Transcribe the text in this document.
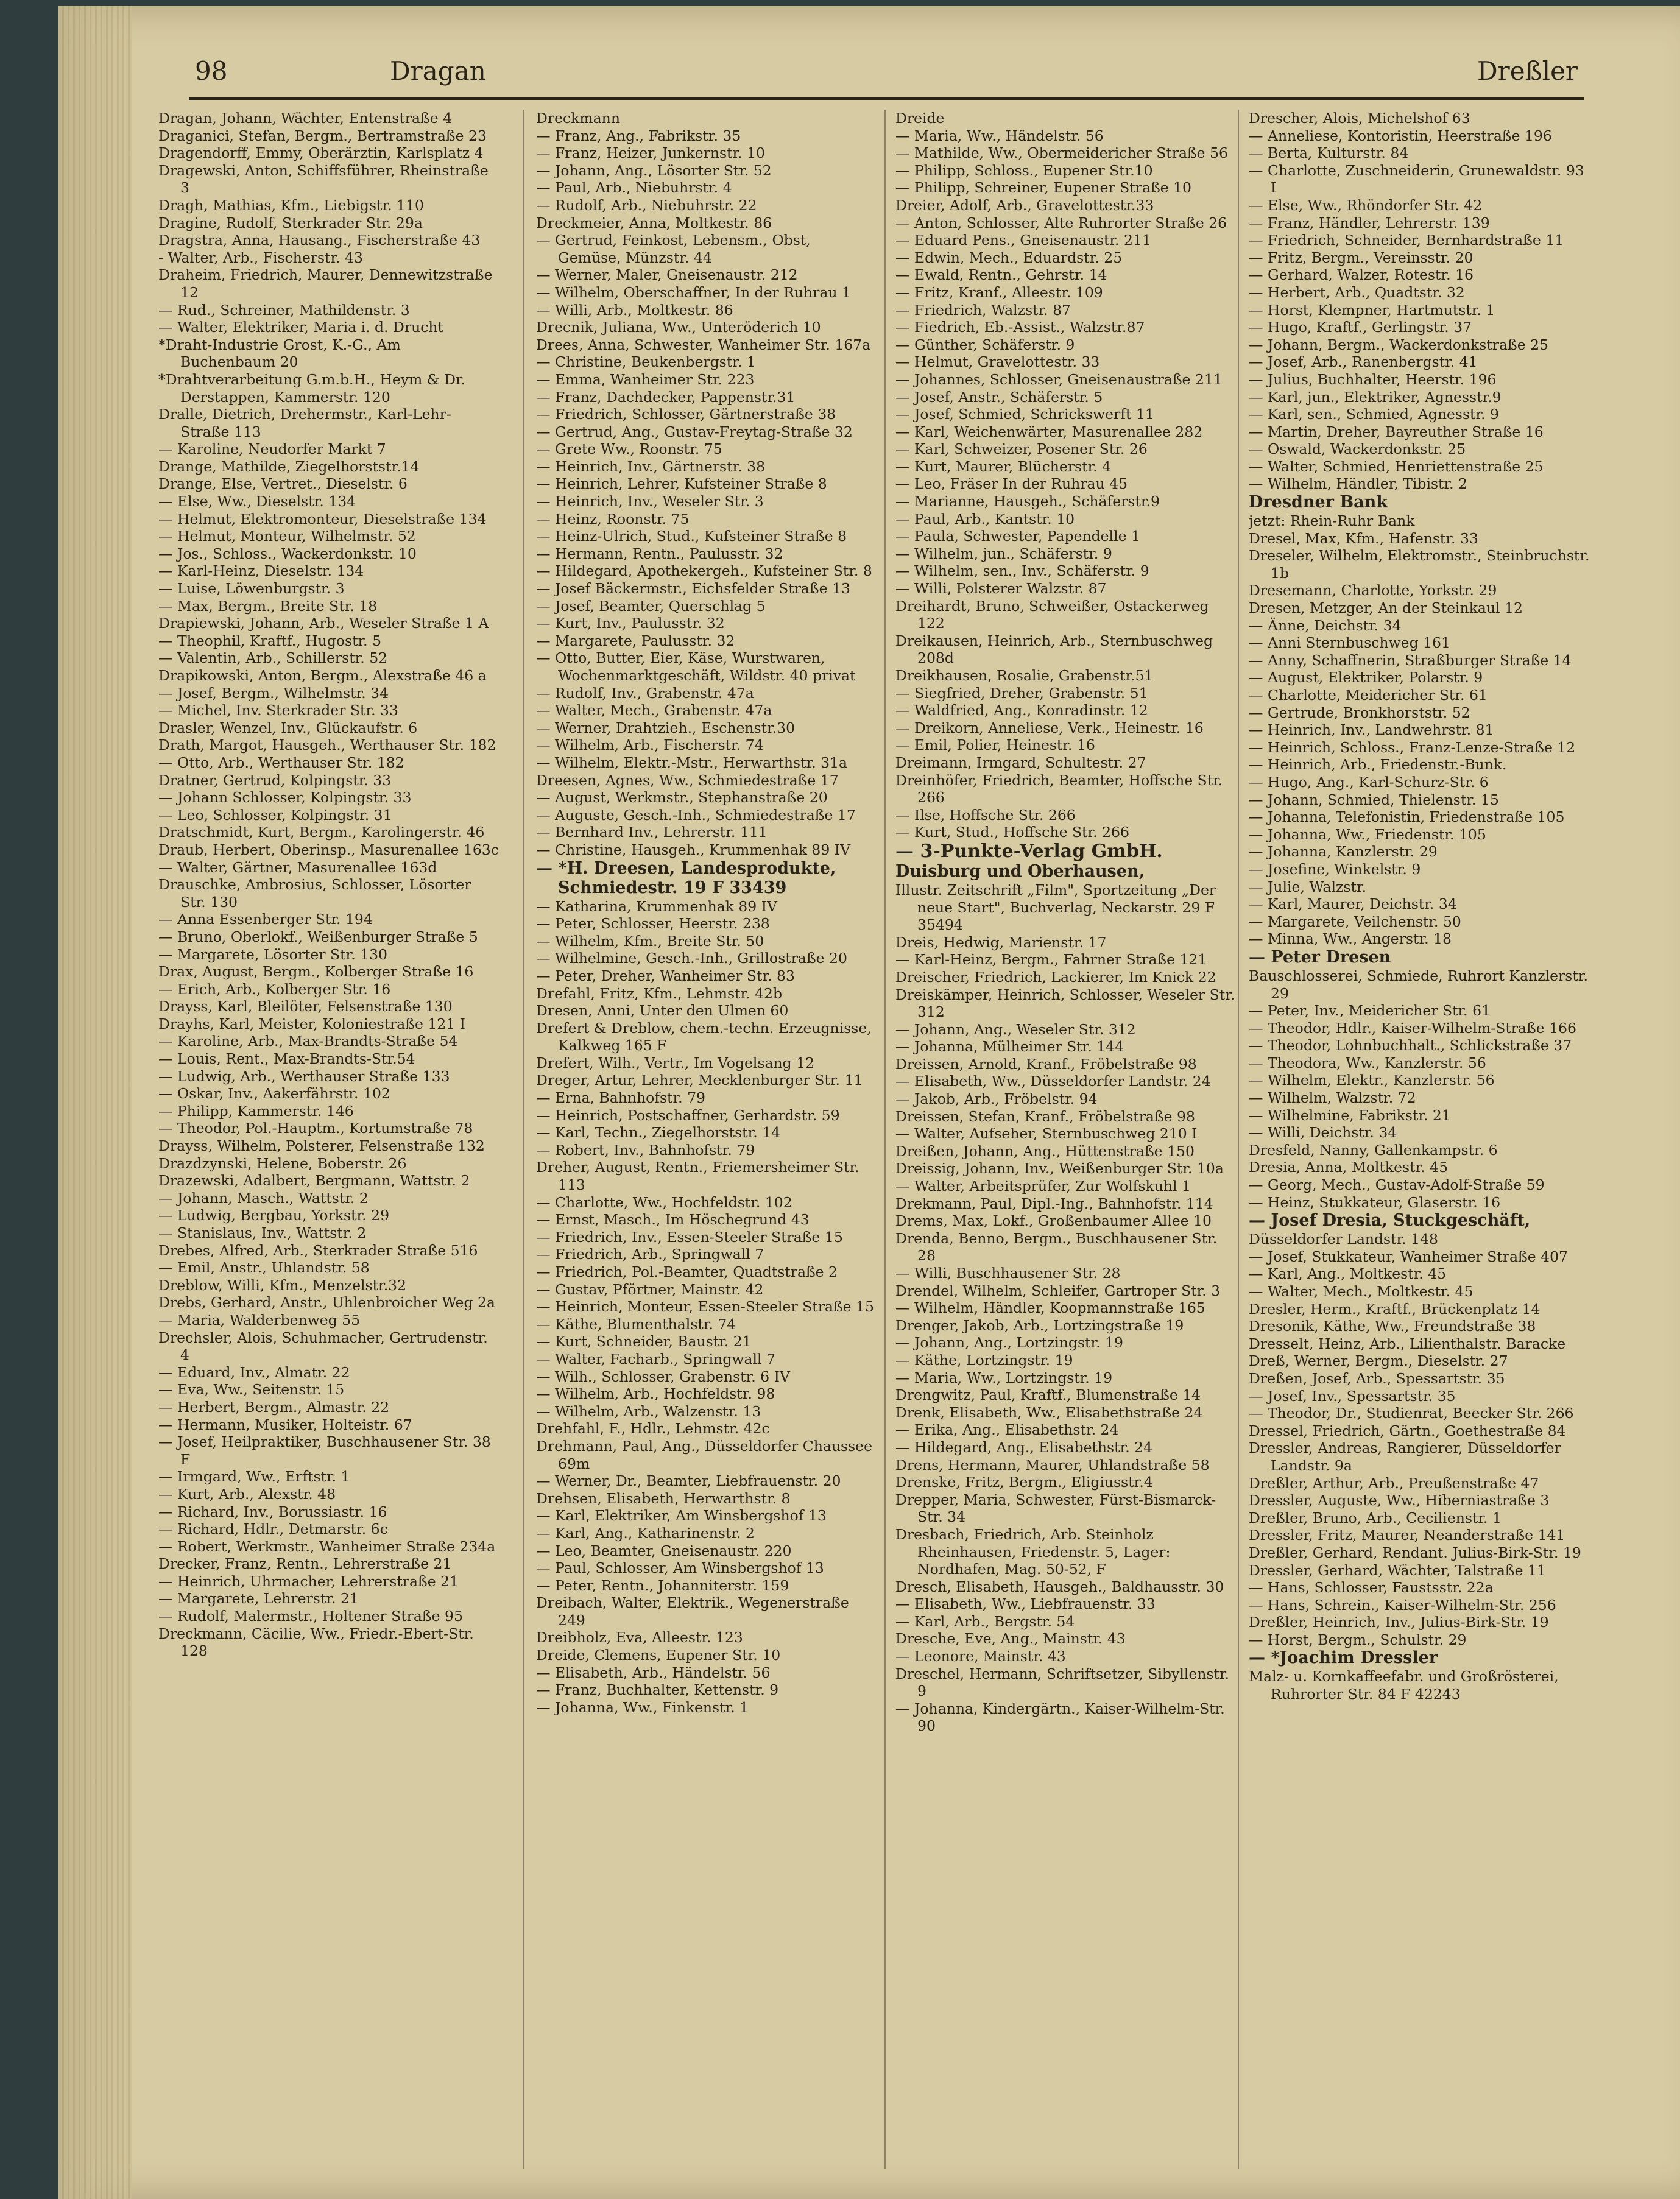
98	Dragan	Dreßler

Dragan, Johann, Wächter, Entenstraße 4

Draganici, Stefan, Bergm., Bertramstraße 23

Dragendorff, Emmy, Oberärztin, Karlsplatz 4

Dragewski, Anton, Schiffsführer, Rheinstraße 3

Dragh, Mathias, Kfm., Liebigstr. 110

Dragine, Rudolf, Sterkrader Str. 29a

Dragstra, Anna, Hausang., Fischerstraße 43

- Walter, Arb., Fischerstr. 43

Draheim, Friedrich, Maurer, Dennewitzstraße 12

— Rud., Schreiner, Mathildenstr. 3

— Walter, Elektriker, Maria i. d. Drucht

*Draht-Industrie Grost, K.-G., Am Buchenbaum 20

*Drahtverarbeitung G.m.b.H., Heym & Dr. Derstappen, Kammerstr. 120

Dralle, Dietrich, Drehermstr., Karl-Lehr-Straße 113

— Karoline, Neudorfer Markt 7

Drange, Mathilde, Ziegelhorststr.14

Drange, Else, Vertret., Dieselstr. 6

— Else, Ww., Dieselstr. 134

— Helmut, Elektromonteur, Dieselstraße 134

— Helmut, Monteur, Wilhelmstr. 52

— Jos., Schloss., Wackerdonkstr. 10

— Karl-Heinz, Dieselstr. 134

— Luise, Löwenburgstr. 3

— Max, Bergm., Breite Str. 18

Drapiewski, Johann, Arb., Weseler Straße 1 A

— Theophil, Kraftf., Hugostr. 5

— Valentin, Arb., Schillerstr. 52

Drapikowski, Anton, Bergm., Alexstraße 46 a

— Josef, Bergm., Wilhelmstr. 34

— Michel, Inv. Sterkrader Str. 33

Drasler, Wenzel, Inv., Glückaufstr. 6

Drath, Margot, Hausgeh., Werthauser Str. 182

— Otto, Arb., Werthauser Str. 182

Dratner, Gertrud, Kolpingstr. 33

— Johann Schlosser, Kolpingstr. 33

— Leo, Schlosser, Kolpingstr. 31

Dratschmidt, Kurt, Bergm., Karolingerstr. 46

Draub, Herbert, Oberinsp., Masurenallee 163c

— Walter, Gärtner, Masurenallee 163d

Drauschke, Ambrosius, Schlosser, Lösorter Str. 130

— Anna Essenberger Str. 194

— Bruno, Oberlokf., Weißenburger Straße 5

— Margarete, Lösorter Str. 130

Drax, August, Bergm., Kolberger Straße 16

— Erich, Arb., Kolberger Str. 16

Drayss, Karl, Bleilöter, Felsenstraße 130

Drayhs, Karl, Meister, Koloniestraße 121 I

— Karoline, Arb., Max-Brandts-Straße 54

— Louis, Rent., Max-Brandts-Str.54

— Ludwig, Arb., Werthauser Straße 133

— Oskar, Inv., Aakerfährstr. 102

— Philipp, Kammerstr. 146

— Theodor, Pol.-Hauptm., Kortumstraße 78

Drayss, Wilhelm, Polsterer, Felsenstraße 132

Drazdzynski, Helene, Boberstr. 26

Drazewski, Adalbert, Bergmann, Wattstr. 2

— Johann, Masch., Wattstr. 2

— Ludwig, Bergbau, Yorkstr. 29

— Stanislaus, Inv., Wattstr. 2

Drebes, Alfred, Arb., Sterkrader Straße 516

— Emil, Anstr., Uhlandstr. 58

Dreblow, Willi, Kfm., Menzelstr.32

Drebs, Gerhard, Anstr., Uhlenbroicher Weg 2a

— Maria, Walderbenweg 55

Drechsler, Alois, Schuhmacher, Gertrudenstr. 4

— Eduard, Inv., Almatr. 22

— Eva, Ww., Seitenstr. 15

— Herbert, Bergm., Almastr. 22

— Hermann, Musiker, Holteistr. 67

— Josef, Heilpraktiker, Buschhausener Str. 38 F

— Irmgard, Ww., Erftstr. 1

— Kurt, Arb., Alexstr. 48

— Richard, Inv., Borussiastr. 16

— Richard, Hdlr., Detmarstr. 6c

— Robert, Werkmstr., Wanheimer Straße 234a

Drecker, Franz, Rentn., Lehrerstraße 21

— Heinrich, Uhrmacher, Lehrerstraße 21

— Margarete, Lehrerstr. 21

— Rudolf, Malermstr., Holtener Straße 95

Dreckmann, Cäcilie, Ww., Friedr.-Ebert-Str. 128

Dreckmann

— Franz, Ang., Fabrikstr. 35

— Franz, Heizer, Junkernstr. 10

— Johann, Ang., Lösorter Str. 52

— Paul, Arb., Niebuhrstr. 4

— Rudolf, Arb., Niebuhrstr. 22

Dreckmeier, Anna, Moltkestr. 86

— Gertrud, Feinkost, Lebensm., Obst, Gemüse, Münzstr. 44

— Werner, Maler, Gneisenaustr. 212

— Wilhelm, Oberschaffner, In der Ruhrau 1

— Willi, Arb., Moltkestr. 86

Drecnik, Juliana, Ww., Unteröderich 10

Drees, Anna, Schwester, Wanheimer Str. 167a

— Christine, Beukenbergstr. 1

— Emma, Wanheimer Str. 223

— Franz, Dachdecker, Pappenstr.31

— Friedrich, Schlosser, Gärtnerstraße 38

— Gertrud, Ang., Gustav-Freytag-Straße 32

— Grete Ww., Roonstr. 75

— Heinrich, Inv., Gärtnerstr. 38

— Heinrich, Lehrer, Kufsteiner Straße 8

— Heinrich, Inv., Weseler Str. 3

— Heinz, Roonstr. 75

— Heinz-Ulrich, Stud., Kufsteiner Straße 8

— Hermann, Rentn., Paulusstr. 32

— Hildegard, Apothekergeh., Kufsteiner Str. 8

— Josef Bäckermstr., Eichsfelder Straße 13

— Josef, Beamter, Querschlag 5

— Kurt, Inv., Paulusstr. 32

— Margarete, Paulusstr. 32

— Otto, Butter, Eier, Käse, Wurstwaren, Wochenmarktgeschäft, Wildstr. 40 privat

— Rudolf, Inv., Grabenstr. 47a

— Walter, Mech., Grabenstr. 47a

— Werner, Drahtzieh., Eschenstr.30

— Wilhelm, Arb., Fischerstr. 74

— Wilhelm, Elektr.-Mstr., Herwarthstr. 31a

Dreesen, Agnes, Ww., Schmiedestraße 17

— August, Werkmstr., Stephanstraße 20

— Auguste, Gesch.-Inh., Schmiedestraße 17

— Bernhard Inv., Lehrerstr. 111

— Christine, Hausgeh., Krummenhak 89 IV

— *H. Dreesen, Landesprodukte, Schmiedestr. 19 F 33439

— Katharina, Krummenhak 89 IV

— Peter, Schlosser, Heerstr. 238

— Wilhelm, Kfm., Breite Str. 50

— Wilhelmine, Gesch.-Inh., Grillostraße 20

— Peter, Dreher, Wanheimer Str. 83

Drefahl, Fritz, Kfm., Lehmstr. 42b

Dresen, Anni, Unter den Ulmen 60

Drefert & Dreblow, chem.-techn. Erzeugnisse, Kalkweg 165 F

Drefert, Wilh., Vertr., Im Vogelsang 12

Dreger, Artur, Lehrer, Mecklenburger Str. 11

— Erna, Bahnhofstr. 79

— Heinrich, Postschaffner, Gerhardstr. 59

— Karl, Techn., Ziegelhorststr. 14

— Robert, Inv., Bahnhofstr. 79

Dreher, August, Rentn., Friemersheimer Str. 113

— Charlotte, Ww., Hochfeldstr. 102

— Ernst, Masch., Im Höschegrund 43

— Friedrich, Inv., Essen-Steeler Straße 15

— Friedrich, Arb., Springwall 7

— Friedrich, Pol.-Beamter, Quadtstraße 2

— Gustav, Pförtner, Mainstr. 42

— Heinrich, Monteur, Essen-Steeler Straße 15

— Käthe, Blumenthalstr. 74

— Kurt, Schneider, Baustr. 21

— Walter, Facharb., Springwall 7

— Wilh., Schlosser, Grabenstr. 6 IV

— Wilhelm, Arb., Hochfeldstr. 98

— Wilhelm, Arb., Walzenstr. 13

Drehfahl, F., Hdlr., Lehmstr. 42c

Drehmann, Paul, Ang., Düsseldorfer Chaussee 69m

— Werner, Dr., Beamter, Liebfrauenstr. 20

Drehsen, Elisabeth, Herwarthstr. 8

— Karl, Elektriker, Am Winsbergshof 13

— Karl, Ang., Katharinenstr. 2

— Leo, Beamter, Gneisenaustr. 220

— Paul, Schlosser, Am Winsbergshof 13

— Peter, Rentn., Johanniterstr. 159

Dreibach, Walter, Elektrik., Wegenerstraße 249

Dreibholz, Eva, Alleestr. 123

Dreide, Clemens, Eupener Str. 10

— Elisabeth, Arb., Händelstr. 56

— Franz, Buchhalter, Kettenstr. 9

— Johanna, Ww., Finkenstr. 1

Dreide

— Maria, Ww., Händelstr. 56

— Mathilde, Ww., Obermeidericher Straße 56

— Philipp, Schloss., Eupener Str.10

— Philipp, Schreiner, Eupener Straße 10

Dreier, Adolf, Arb., Gravelottestr.33

— Anton, Schlosser, Alte Ruhrorter Straße 26

— Eduard Pens., Gneisenaustr. 211

— Edwin, Mech., Eduardstr. 25

— Ewald, Rentn., Gehrstr. 14

— Fritz, Kranf., Alleestr. 109

— Friedrich, Walzstr. 87

— Fiedrich, Eb.-Assist., Walzstr.87

— Günther, Schäferstr. 9

— Helmut, Gravelottestr. 33

— Johannes, Schlosser, Gneisenaustraße 211

— Josef, Anstr., Schäferstr. 5

— Josef, Schmied, Schrickswerft 11

— Karl, Weichenwärter, Masurenallee 282

— Karl, Schweizer, Posener Str. 26

— Kurt, Maurer, Blücherstr. 4

— Leo, Fräser In der Ruhrau 45

— Marianne, Hausgeh., Schäferstr.9

— Paul, Arb., Kantstr. 10

— Paula, Schwester, Papendelle 1

— Wilhelm, jun., Schäferstr. 9

— Wilhelm, sen., Inv., Schäferstr. 9

— Willi, Polsterer Walzstr. 87

Dreihardt, Bruno, Schweißer, Ostackerweg 122

Dreikausen, Heinrich, Arb., Sternbuschweg 208d

Dreikhausen, Rosalie, Grabenstr.51

— Siegfried, Dreher, Grabenstr. 51

— Waldfried, Ang., Konradinstr. 12

— Dreikorn, Anneliese, Verk., Heinestr. 16

— Emil, Polier, Heinestr. 16

Dreimann, Irmgard, Schultestr. 27

Dreinhöfer, Friedrich, Beamter, Hoffsche Str. 266

— Ilse, Hoffsche Str. 266

— Kurt, Stud., Hoffsche Str. 266

— 3-Punkte-Verlag GmbH.

Duisburg und Oberhausen,

Illustr. Zeitschrift „Film", Sportzeitung „Der neue Start", Buchverlag, Neckarstr. 29 F 35494

Dreis, Hedwig, Marienstr. 17

— Karl-Heinz, Bergm., Fahrner Straße 121

Dreischer, Friedrich, Lackierer, Im Knick 22

Dreiskämper, Heinrich, Schlosser, Weseler Str. 312

— Johann, Ang., Weseler Str. 312

— Johanna, Mülheimer Str. 144

Dreissen, Arnold, Kranf., Fröbelstraße 98

— Elisabeth, Ww., Düsseldorfer Landstr. 24

— Jakob, Arb., Fröbelstr. 94

Dreissen, Stefan, Kranf., Fröbelstraße 98

— Walter, Aufseher, Sternbuschweg 210 I

Dreißen, Johann, Ang., Hüttenstraße 150

Dreissig, Johann, Inv., Weißenburger Str. 10a

— Walter, Arbeitsprüfer, Zur Wolfskuhl 1

Drekmann, Paul, Dipl.-Ing., Bahnhofstr. 114

Drems, Max, Lokf., Großenbaumer Allee 10

Drenda, Benno, Bergm., Buschhausener Str. 28

— Willi, Buschhausener Str. 28

Drendel, Wilhelm, Schleifer, Gartroper Str. 3

— Wilhelm, Händler, Koopmannstraße 165

Drenger, Jakob, Arb., Lortzingstraße 19

— Johann, Ang., Lortzingstr. 19

— Käthe, Lortzingstr. 19

— Maria, Ww., Lortzingstr. 19

Drengwitz, Paul, Kraftf., Blumenstraße 14

Drenk, Elisabeth, Ww., Elisabethstraße 24

— Erika, Ang., Elisabethstr. 24

— Hildegard, Ang., Elisabethstr. 24

Drens, Hermann, Maurer, Uhlandstraße 58

Drenske, Fritz, Bergm., Eligiusstr.4

Drepper, Maria, Schwester, Fürst-Bismarck-Str. 34

Dresbach, Friedrich, Arb. Steinholz Rheinhausen, Friedenstr. 5, Lager: Nordhafen, Mag. 50-52, F

Dresch, Elisabeth, Hausgeh., Baldhausstr. 30

— Elisabeth, Ww., Liebfrauenstr. 33

— Karl, Arb., Bergstr. 54

Dresche, Eve, Ang., Mainstr. 43

— Leonore, Mainstr. 43

Dreschel, Hermann, Schriftsetzer, Sibyllenstr. 9

— Johanna, Kindergärtn., Kaiser-Wilhelm-Str. 90

Drescher, Alois, Michelshof 63

— Anneliese, Kontoristin, Heerstraße 196

— Berta, Kulturstr. 84

— Charlotte, Zuschneiderin, Grunewaldstr. 93 I

— Else, Ww., Rhöndorfer Str. 42

— Franz, Händler, Lehrerstr. 139

— Friedrich, Schneider, Bernhardstraße 11

— Fritz, Bergm., Vereinsstr. 20

— Gerhard, Walzer, Rotestr. 16

— Herbert, Arb., Quadtstr. 32

— Horst, Klempner, Hartmutstr. 1

— Hugo, Kraftf., Gerlingstr. 37

— Johann, Bergm., Wackerdonkstraße 25

— Josef, Arb., Ranenbergstr. 41

— Julius, Buchhalter, Heerstr. 196

— Karl, jun., Elektriker, Agnesstr.9

— Karl, sen., Schmied, Agnesstr. 9

— Martin, Dreher, Bayreuther Straße 16

— Oswald, Wackerdonkstr. 25

— Walter, Schmied, Henriettenstraße 25

— Wilhelm, Händler, Tibistr. 2

Dresdner Bank

jetzt: Rhein-Ruhr Bank

Dresel, Max, Kfm., Hafenstr. 33

Dreseler, Wilhelm, Elektromstr., Steinbruchstr. 1b

Dresemann, Charlotte, Yorkstr. 29

Dresen, Metzger, An der Steinkaul 12

— Änne, Deichstr. 34

— Anni Sternbuschweg 161

— Anny, Schaffnerin, Straßburger Straße 14

— August, Elektriker, Polarstr. 9

— Charlotte, Meidericher Str. 61

— Gertrude, Bronkhorststr. 52

— Heinrich, Inv., Landwehrstr. 81

— Heinrich, Schloss., Franz-Lenze-Straße 12

— Heinrich, Arb., Friedenstr.-Bunk.

— Hugo, Ang., Karl-Schurz-Str. 6

— Johann, Schmied, Thielenstr. 15

— Johanna, Telefonistin, Friedenstraße 105

— Johanna, Ww., Friedenstr. 105

— Johanna, Kanzlerstr. 29

— Josefine, Winkelstr. 9

— Julie, Walzstr.

— Karl, Maurer, Deichstr. 34

— Margarete, Veilchenstr. 50

— Minna, Ww., Angerstr. 18

— Peter Dresen

Bauschlosserei, Schmiede, Ruhrort Kanzlerstr. 29

— Peter, Inv., Meidericher Str. 61

— Theodor, Hdlr., Kaiser-Wilhelm-Straße 166

— Theodor, Lohnbuchhalt., Schlickstraße 37

— Theodora, Ww., Kanzlerstr. 56

— Wilhelm, Elektr., Kanzlerstr. 56

— Wilhelm, Walzstr. 72

— Wilhelmine, Fabrikstr. 21

— Willi, Deichstr. 34

Dresfeld, Nanny, Gallenkampstr. 6

Dresia, Anna, Moltkestr. 45

— Georg, Mech., Gustav-Adolf-Straße 59

— Heinz, Stukkateur, Glaserstr. 16

— Josef Dresia, Stuckgeschäft,

Düsseldorfer Landstr. 148

— Josef, Stukkateur, Wanheimer Straße 407

— Karl, Ang., Moltkestr. 45

— Walter, Mech., Moltkestr. 45

Dresler, Herm., Kraftf., Brückenplatz 14

Dresonik, Käthe, Ww., Freundstraße 38

Dresselt, Heinz, Arb., Lilienthalstr. Baracke

Dreß, Werner, Bergm., Dieselstr. 27

Dreßen, Josef, Arb., Spessartstr. 35

— Josef, Inv., Spessartstr. 35

— Theodor, Dr., Studienrat, Beecker Str. 266

Dressel, Friedrich, Gärtn., Goethestraße 84

Dressler, Andreas, Rangierer, Düsseldorfer Landstr. 9a

Dreßler, Arthur, Arb., Preußenstraße 47

Dressler, Auguste, Ww., Hiberniastraße 3

Dreßler, Bruno, Arb., Cecilienstr. 1

Dressler, Fritz, Maurer, Neanderstraße 141

Dreßler, Gerhard, Rendant. Julius-Birk-Str. 19

Dressler, Gerhard, Wächter, Talstraße 11

— Hans, Schlosser, Faustsstr. 22a

— Hans, Schrein., Kaiser-Wilhelm-Str. 256

Dreßler, Heinrich, Inv., Julius-Birk-Str. 19

— Horst, Bergm., Schulstr. 29

— *Joachim Dressler

Malz- u. Kornkaffeefabr. und Großrösterei, Ruhrorter Str. 84 F 42243
